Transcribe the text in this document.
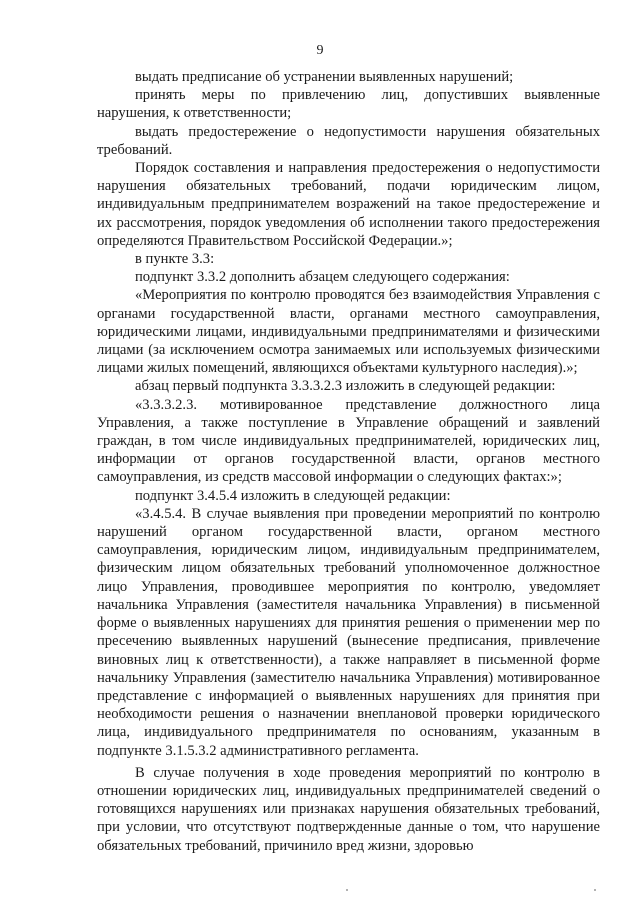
9

выдать предписание об устранении выявленных нарушений;

принять меры по привлечению лиц, допустивших выявленные нарушения, к ответственности;

выдать предостережение о недопустимости нарушения обязательных требований.

Порядок составления и направления предостережения о недопустимости нарушения обязательных требований, подачи юридическим лицом, индивидуальным предпринимателем возражений на такое предостережение и их рассмотрения, порядок уведомления об исполнении такого предостережения определяются Правительством Российской Федерации.»;

в пункте 3.3:

подпункт 3.3.2 дополнить абзацем следующего содержания:

«Мероприятия по контролю проводятся без взаимодействия Управления с органами государственной власти, органами местного самоуправления, юридическими лицами, индивидуальными предпринимателями и физическими лицами (за исключением осмотра занимаемых или используемых физическими лицами жилых помещений, являющихся объектами культурного наследия).»;

абзац первый подпункта 3.3.3.2.3 изложить в следующей редакции:

«3.3.3.2.3. мотивированное представление должностного лица Управления, а также поступление в Управление обращений и заявлений граждан, в том числе индивидуальных предпринимателей, юридических лиц, информации от органов государственной власти, органов местного самоуправления, из средств массовой информации о следующих фактах:»;

подпункт 3.4.5.4 изложить в следующей редакции:

«3.4.5.4. В случае выявления при проведении мероприятий по контролю нарушений органом государственной власти, органом местного самоуправления, юридическим лицом, индивидуальным предпринимателем, физическим лицом обязательных требований уполномоченное должностное лицо Управления, проводившее мероприятия по контролю, уведомляет начальника Управления (заместителя начальника Управления) в письменной форме о выявленных нарушениях для принятия решения о применении мер по пресечению выявленных нарушений (вынесение предписания, привлечение виновных лиц к ответственности), а также направляет в письменной форме начальнику Управления (заместителю начальника Управления) мотивированное представление с информацией о выявленных нарушениях для принятия при необходимости решения о назначении внеплановой проверки юридического лица, индивидуального предпринимателя по основаниям, указанным в подпункте 3.1.5.3.2 административного регламента.

В случае получения в ходе проведения мероприятий по контролю в отношении юридических лиц, индивидуальных предпринимателей сведений о готовящихся нарушениях или признаках нарушения обязательных требований, при условии, что отсутствуют подтвержденные данные о том, что нарушение обязательных требований, причинило вред жизни, здоровью
